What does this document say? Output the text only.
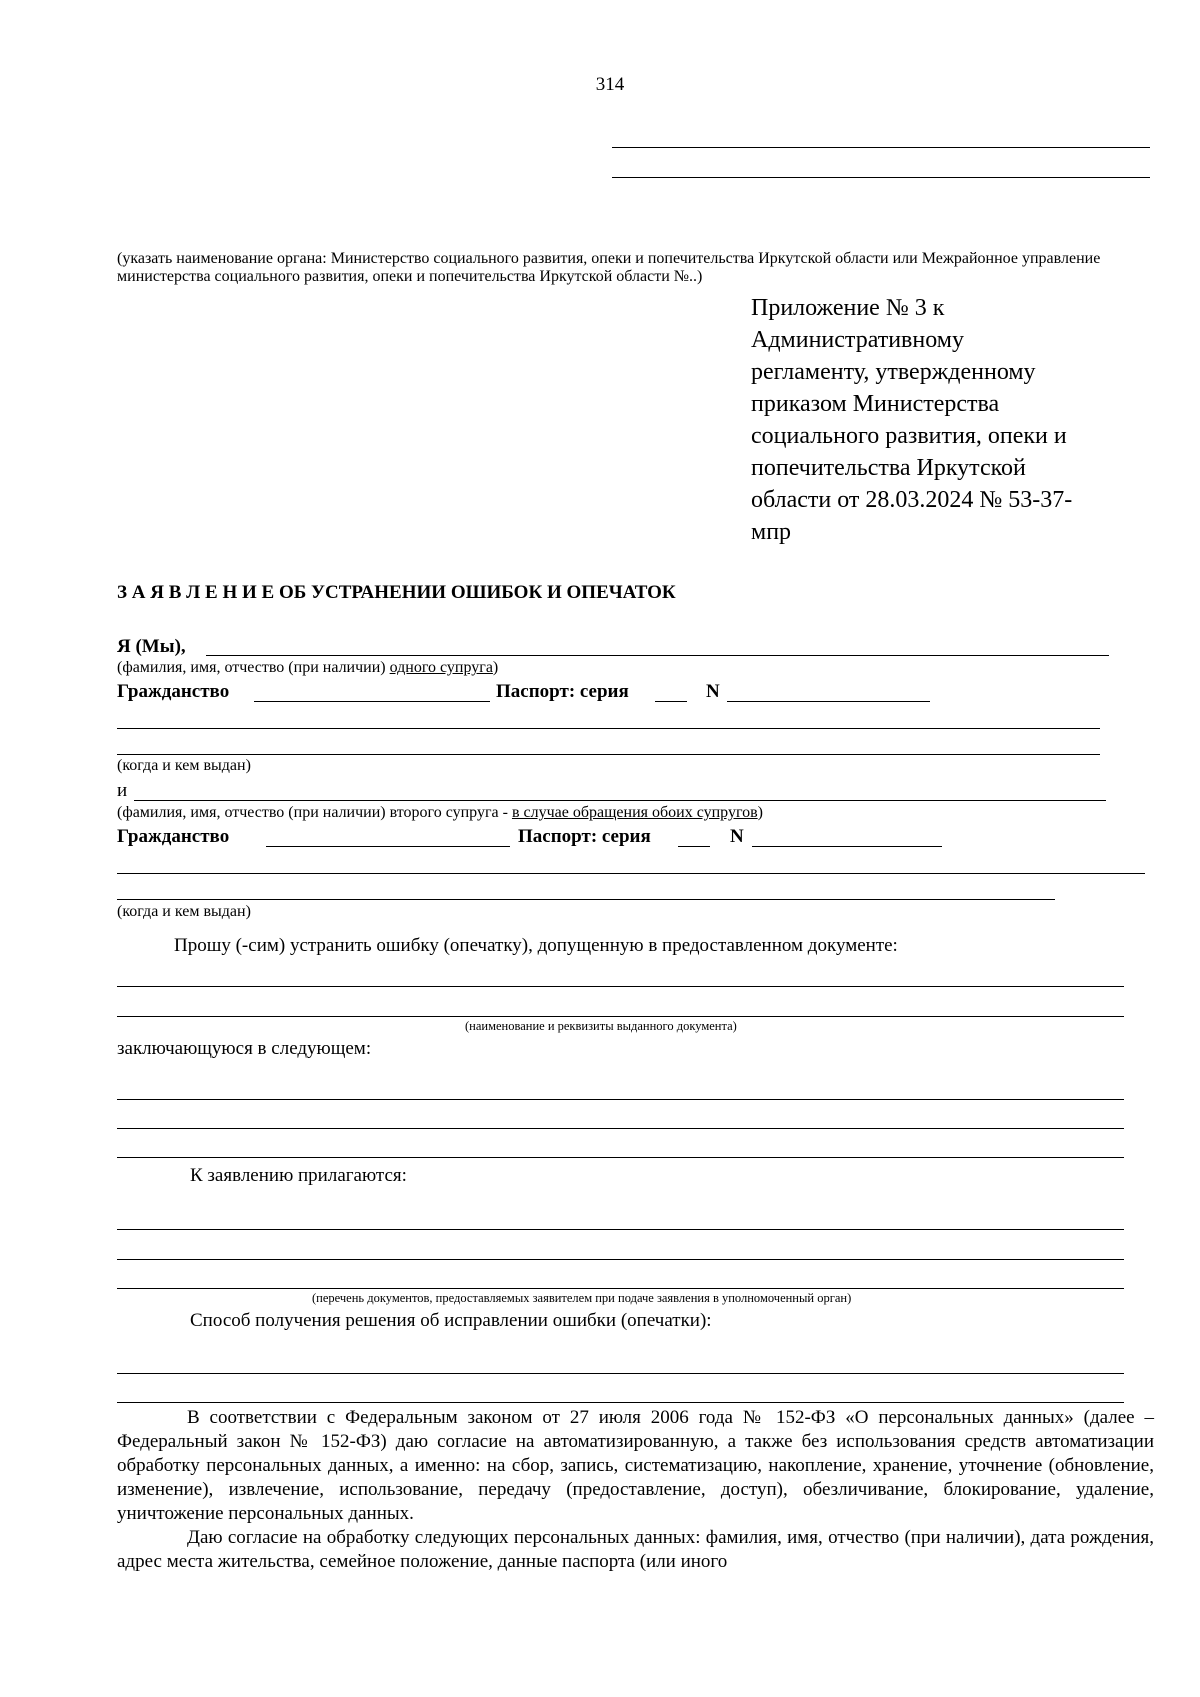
314
(указать наименование органа: Министерство социального развития, опеки и попечительства Иркутской области или Межрайонное управление министерства социального развития, опеки и попечительства Иркутской области №..)
Приложение № 3 к
Административному
регламенту, утвержденному
приказом Министерства
социального развития, опеки и
попечительства Иркутской
области от 28.03.2024 № 53-37-
мпр
З А Я В Л Е Н И Е ОБ УСТРАНЕНИИ ОШИБОК И ОПЕЧАТОК
Я (Мы),
(фамилия, имя, отчество (при наличии) одного супруга)
Гражданство	Паспорт: серия	N
(когда и кем выдан)
и
(фамилия, имя, отчество (при наличии) второго супруга - в случае обращения обоих супругов)
Гражданство	Паспорт: серия	N
(когда и кем выдан)
Прошу (-сим) устранить ошибку (опечатку), допущенную в предоставленном документе:
(наименование и реквизиты выданного документа)
заключающуюся в следующем:
К заявлению прилагаются:
(перечень документов, предоставляемых заявителем при подаче заявления в уполномоченный орган)
Способ получения решения об исправлении ошибки (опечатки):

В соответствии с Федеральным законом от 27 июля 2006 года № 152-ФЗ «О персональных данных» (далее – Федеральный закон № 152-ФЗ) даю согласие на автоматизированную, а также без использования средств автоматизации обработку персональных данных, а именно: на сбор, запись, систематизацию, накопление, хранение, уточнение (обновление, изменение), извлечение, использование, передачу (предоставление, доступ), обезличивание, блокирование, удаление, уничтожение персональных данных.

Даю согласие на обработку следующих персональных данных: фамилия, имя, отчество (при наличии), дата рождения, адрес места жительства, семейное положение, данные паспорта (или иного
